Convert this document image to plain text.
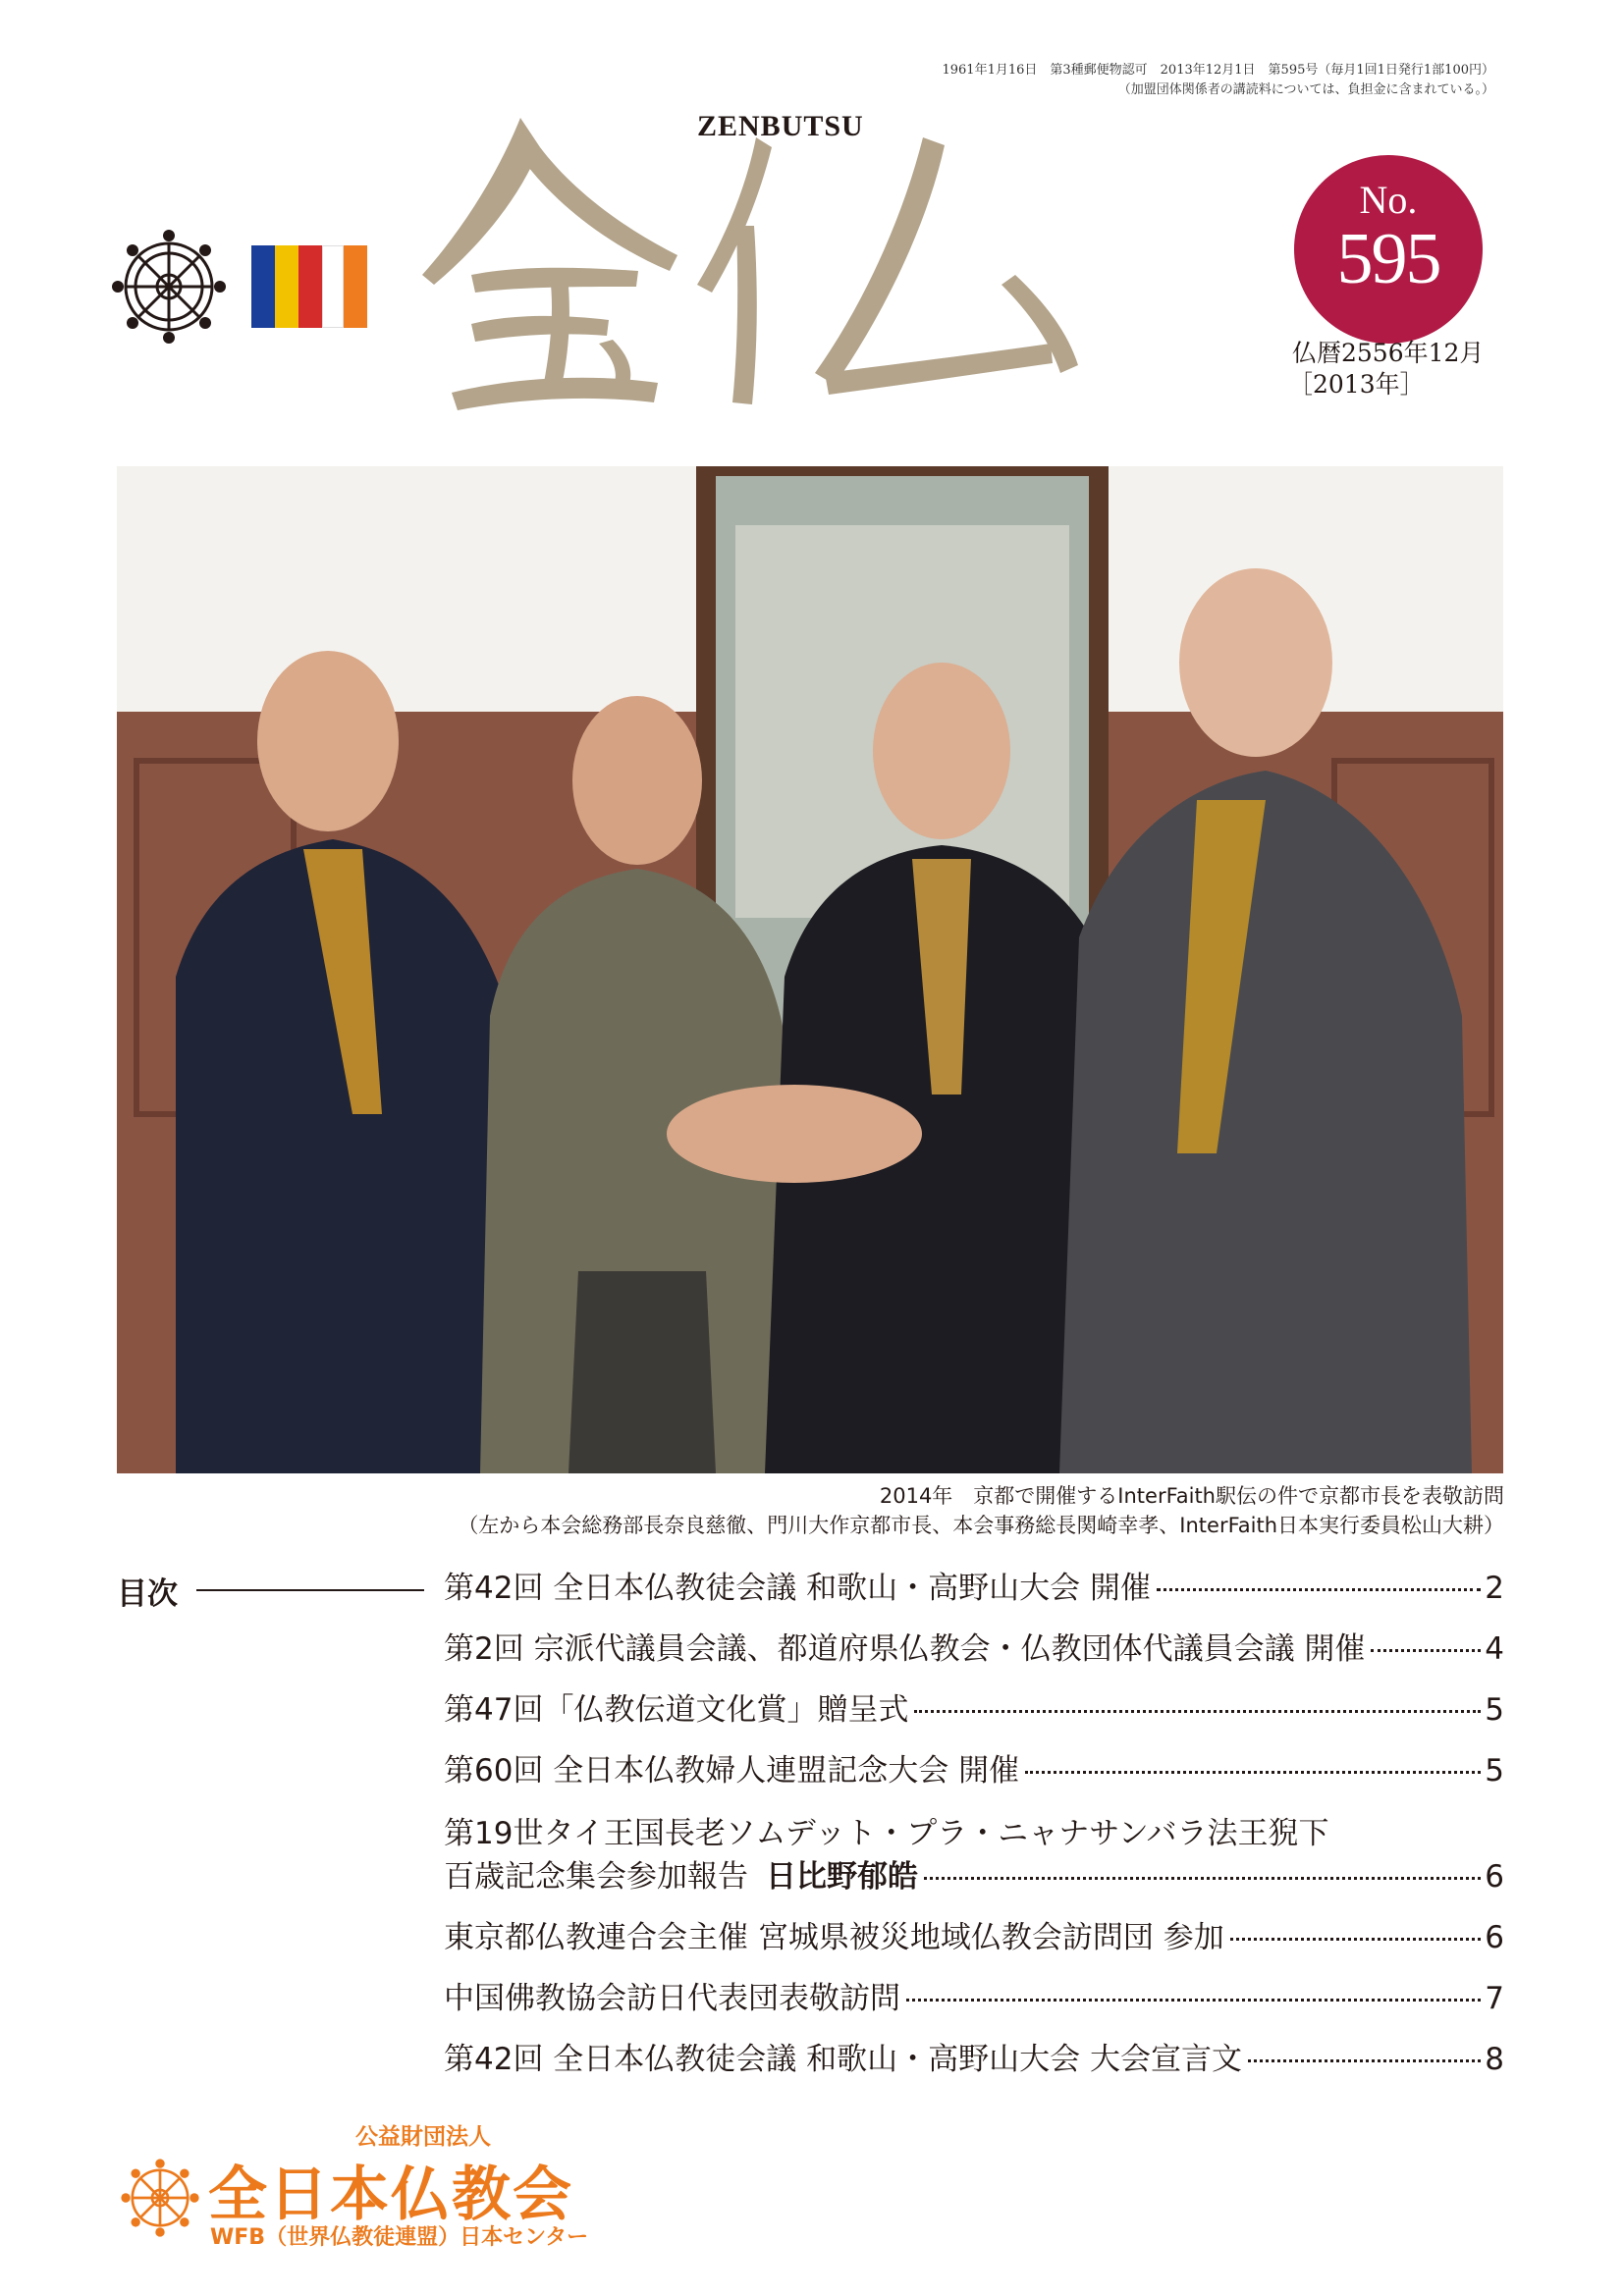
1961年1月16日　第3種郵便物認可　2013年12月1日　第595号（毎月1回1日発行1部100円）
（加盟団体関係者の講読料については、負担金に含まれている。）
ZENBUTSU
No.
595
仏暦2556年12月
［2013年］
2014年　京都で開催するInterFaith駅伝の件で京都市長を表敬訪問
（左から本会総務部長奈良慈徹、門川大作京都市長、本会事務総長関崎幸孝、InterFaith日本実行委員松山大耕）
目次	第42回 全日本仏教徒会議 和歌山・高野山大会 開催	2
第2回 宗派代議員会議、都道府県仏教会・仏教団体代議員会議 開催	4
第47回「仏教伝道文化賞」贈呈式	5
第60回 全日本仏教婦人連盟記念大会 開催	5
第19世タイ王国長老ソムデット・プラ・ニャナサンバラ法王猊下
百歳記念集会参加報告 日比野郁皓	6
東京都仏教連合会主催 宮城県被災地域仏教会訪問団 参加	6
中国佛教協会訪日代表団表敬訪問	7
第42回 全日本仏教徒会議 和歌山・高野山大会 大会宣言文	8
公益財団法人
全日本仏教会
WFB（世界仏教徒連盟）日本センター
